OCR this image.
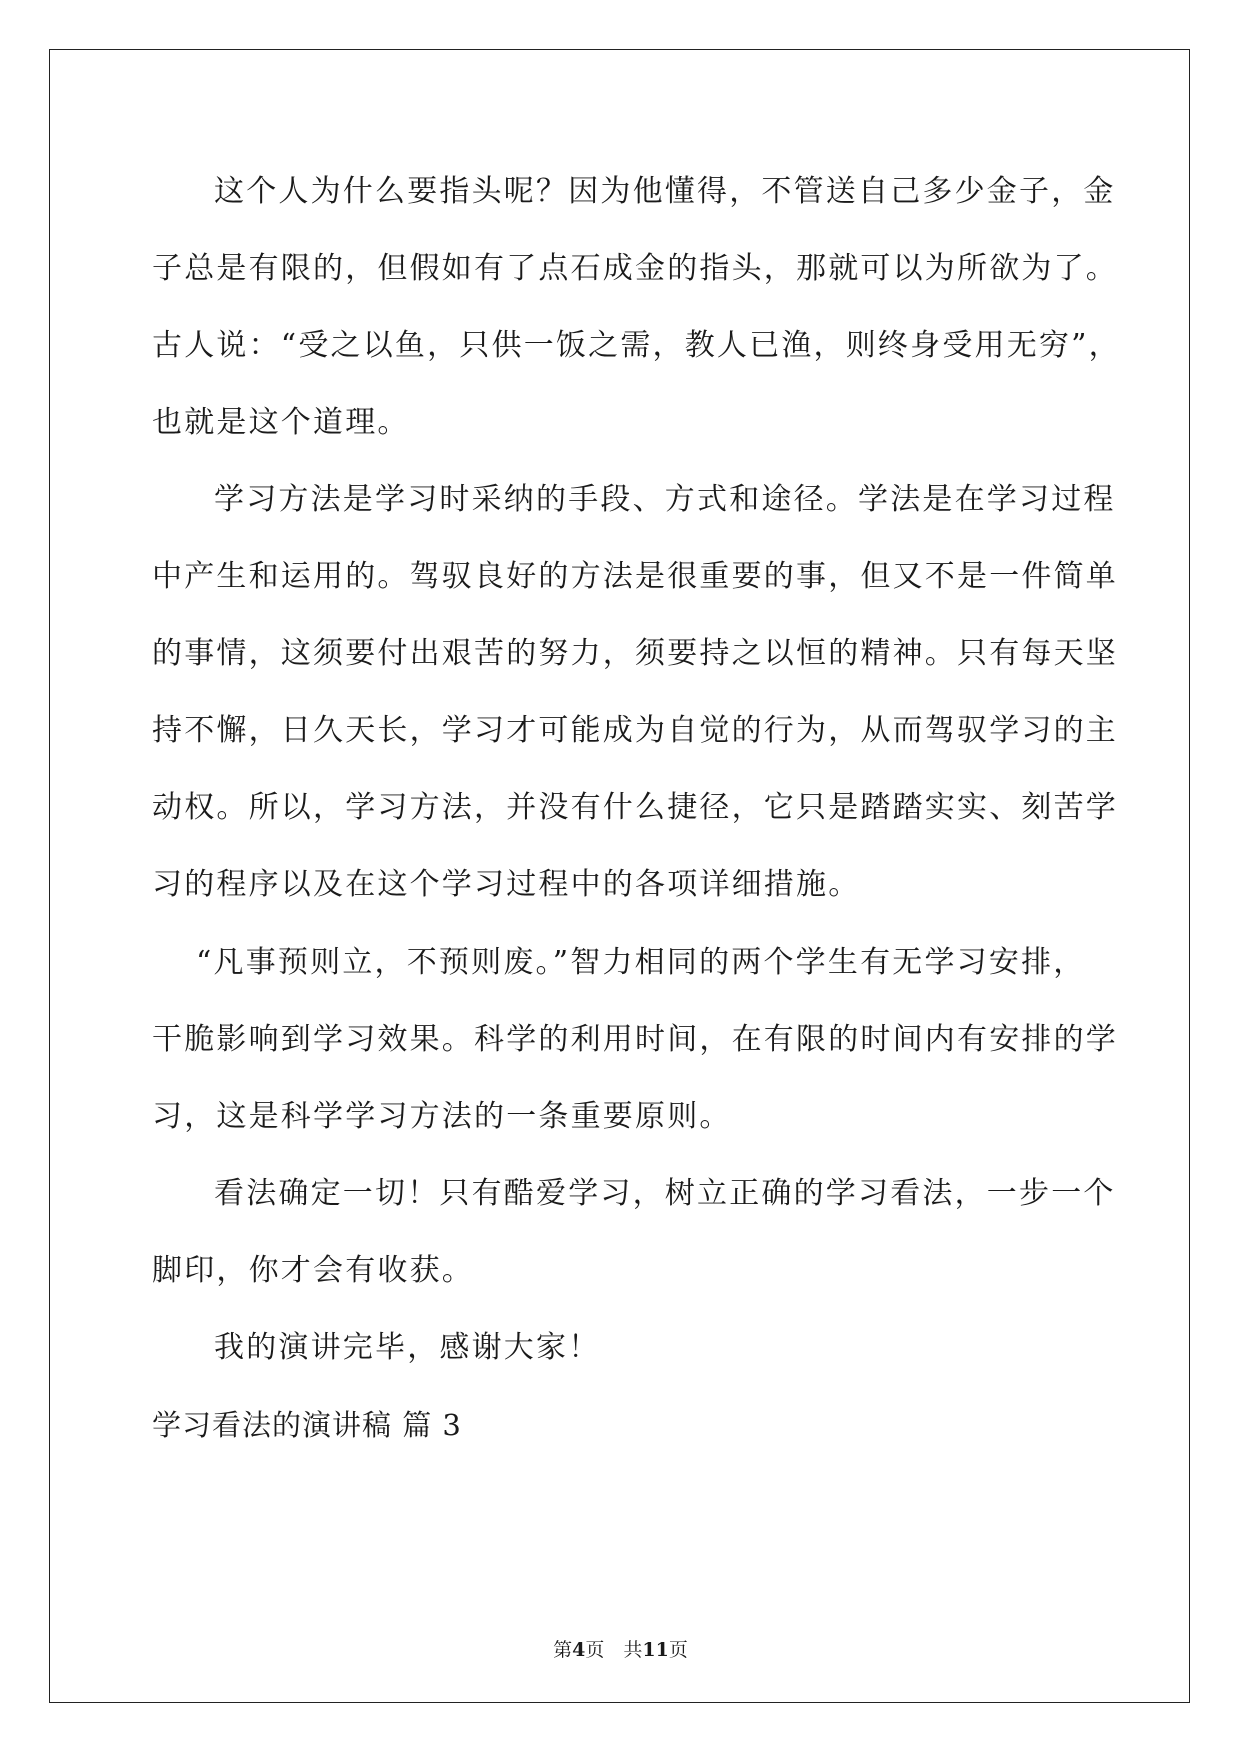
这个人为什么要指头呢？因为他懂得，不管送自己多少金子，金
子总是有限的，但假如有了点石成金的指头，那就可以为所欲为了。
古人说：“受之以鱼，只供一饭之需，教人已渔，则终身受用无穷”，
也就是这个道理。
学习方法是学习时采纳的手段、方式和途径。学法是在学习过程
中产生和运用的。驾驭良好的方法是很重要的事，但又不是一件简单
的事情，这须要付出艰苦的努力，须要持之以恒的精神。只有每天坚
持不懈，日久天长，学习才可能成为自觉的行为，从而驾驭学习的主
动权。所以，学习方法，并没有什么捷径，它只是踏踏实实、刻苦学
习的程序以及在这个学习过程中的各项详细措施。
“凡事预则立，不预则废。”智力相同的两个学生有无学习安排，
干脆影响到学习效果。科学的利用时间，在有限的时间内有安排的学
习，这是科学学习方法的一条重要原则。
看法确定一切！只有酷爱学习，树立正确的学习看法，一步一个
脚印，你才会有收获。
我的演讲完毕，感谢大家！
学习看法的演讲稿 篇 3
第4页　共11页
